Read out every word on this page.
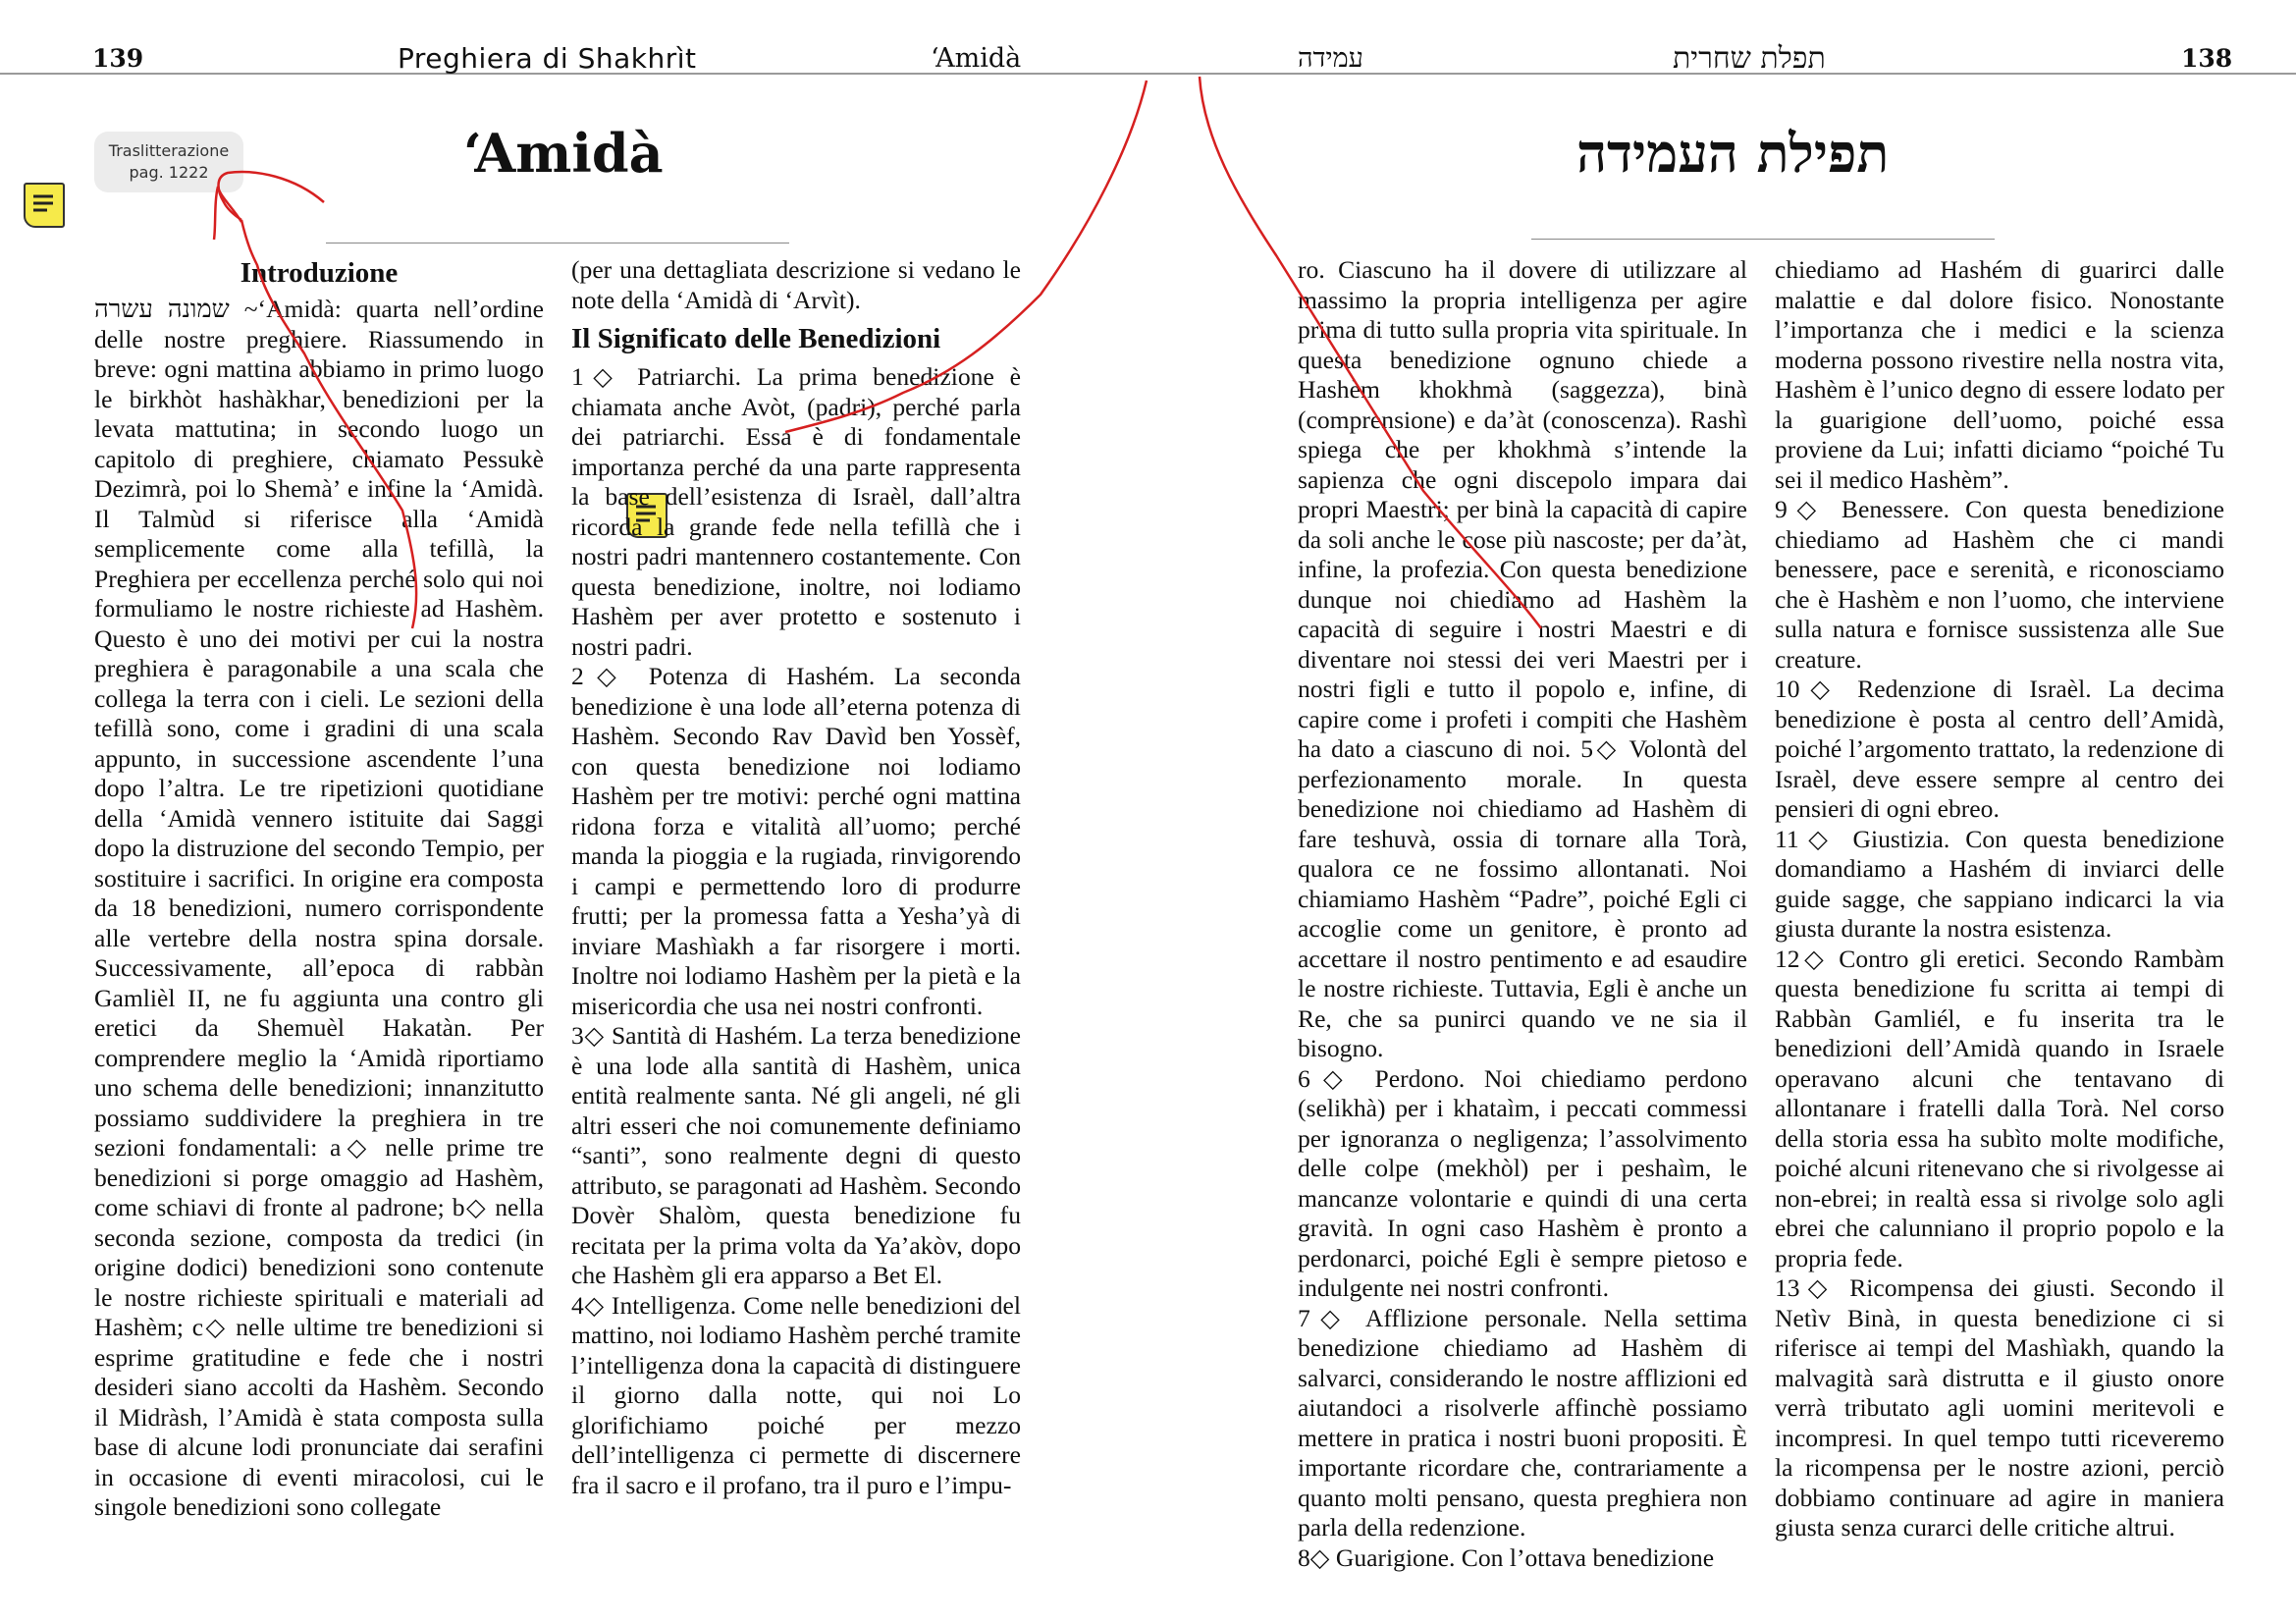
139	Preghiera di Shakhrìt	‘Amidà	עמידה	תפלת שחרית	138
Traslitterazione
pag. 1222	‘Amidà	תפילת העמידה

Introduzione

שמונה עשרה ~‘Amidà: quarta nell’ordine delle nostre preghiere. Riassumendo in breve: ogni mattina abbiamo in primo luogo le birkhòt hashàkhar, benedizioni per la levata mattutina; in secondo luogo un capitolo di preghiere, chiamato Pessukè Dezimrà, poi lo Shemà’ e infine la ‘Amidà. Il Talmùd si riferisce alla ‘Amidà semplicemente come alla tefillà, la Preghiera per eccellenza perché solo qui noi formuliamo le nostre richieste ad Hashèm. Questo è uno dei motivi per cui la nostra preghiera è paragonabile a una scala che collega la terra con i cieli. Le sezioni della tefillà sono, come i gradini di una scala appunto, in successione ascendente l’una dopo l’altra. Le tre ripetizioni quotidiane della ‘Amidà vennero istituite dai Saggi dopo la distruzione del secondo Tempio, per sostituire i sacrifici. In origine era composta da 18 benedizioni, numero corrispondente alle vertebre della nostra spina dorsale. Successivamente, all’epoca di rabbàn Gamlièl II, ne fu aggiunta una contro gli eretici da Shemuèl Hakatàn. Per comprendere meglio la ‘Amidà riportiamo uno schema delle benedizioni; innanzitutto possiamo suddividere la preghiera in tre sezioni fondamentali: a◇ nelle prime tre benedizioni si porge omaggio ad Hashèm, come schiavi di fronte al padrone; b◇ nella seconda sezione, composta da tredici (in origine dodici) benedizioni sono contenute le nostre richieste spirituali e materiali ad Hashèm; c◇ nelle ultime tre benedizioni si esprime gratitudine e fede che i nostri desideri siano accolti da Hashèm. Secondo il Midràsh, l’Amidà è stata composta sulla base di alcune lodi pronunciate dai serafini in occasione di eventi miracolosi, cui le singole benedizioni sono collegate

(per una dettagliata descrizione si vedano le note della ‘Amidà di ‘Arvìt).

Il Significato delle Benedizioni

1◇ Patriarchi. La prima benedizione è chiamata anche Avòt, (padri), perché parla dei patriarchi. Essa è di fondamentale importanza perché da una parte rappresenta la base dell’esistenza di Israèl, dall’altra ricorda la grande fede nella tefillà che i nostri padri mantennero costantemente. Con questa benedizione, inoltre, noi lodiamo Hashèm per aver protetto e sostenuto i nostri padri.

2◇ Potenza di Hashém. La seconda benedizione è una lode all’eterna potenza di Hashèm. Secondo Rav Davìd ben Yossèf, con questa benedizione noi lodiamo Hashèm per tre motivi: perché ogni mattina ridona forza e vitalità all’uomo; perché manda la pioggia e la rugiada, rinvigorendo i campi e permettendo loro di produrre frutti; per la promessa fatta a Yesha’yà di inviare Mashìakh a far risorgere i morti. Inoltre noi lodiamo Hashèm per la pietà e la misericordia che usa nei nostri confronti.

3◇ Santità di Hashém. La terza benedizione è una lode alla santità di Hashèm, unica entità realmente santa. Né gli angeli, né gli altri esseri che noi comunemente definiamo “santi”, sono realmente degni di questo attributo, se paragonati ad Hashèm. Secondo Dovèr Shalòm, questa benedizione fu recitata per la prima volta da Ya’akòv, dopo che Hashèm gli era apparso a Bet El.

4◇ Intelligenza. Come nelle benedizioni del mattino, noi lodiamo Hashèm perché tramite l’intelligenza dona la capacità di distinguere il giorno dalla notte, qui noi Lo glorifichiamo poiché per mezzo dell’intelligenza ci permette di discernere fra il sacro e il profano, tra il puro e l’impu-

ro. Ciascuno ha il dovere di utilizzare al massimo la propria intelligenza per agire prima di tutto sulla propria vita spirituale. In questa benedizione ognuno chiede a Hashèm khokhmà (saggezza), binà (comprensione) e da’àt (conoscenza). Rashì spiega che per khokhmà s’intende la sapienza che ogni discepolo impara dai propri Maestri; per binà la capacità di capire da soli anche le cose più nascoste; per da’àt, infine, la profezia. Con questa benedizione dunque noi chiediamo ad Hashèm la capacità di seguire i nostri Maestri e di diventare noi stessi dei veri Maestri per i nostri figli e tutto il popolo e, infine, di capire come i profeti i compiti che Hashèm ha dato a ciascuno di noi. 5◇ Volontà del perfezionamento morale. In questa benedizione noi chiediamo ad Hashèm di fare teshuvà, ossia di tornare alla Torà, qualora ce ne fossimo allontanati. Noi chiamiamo Hashèm “Padre”, poiché Egli ci accoglie come un genitore, è pronto ad accettare il nostro pentimento e ad esaudire le nostre richieste. Tuttavia, Egli è anche un Re, che sa punirci quando ve ne sia il bisogno.

6◇ Perdono. Noi chiediamo perdono (selikhà) per i khataìm, i peccati commessi per ignoranza o negligenza; l’assolvimento delle colpe (mekhòl) per i peshaìm, le mancanze volontarie e quindi di una certa gravità. In ogni caso Hashèm è pronto a perdonarci, poiché Egli è sempre pietoso e indulgente nei nostri confronti.

7◇ Afflizione personale. Nella settima benedizione chiediamo ad Hashèm di salvarci, considerando le nostre afflizioni ed aiutandoci a risolverle affinchè possiamo mettere in pratica i nostri buoni propositi. È importante ricordare che, contrariamente a quanto molti pensano, questa preghiera non parla della redenzione.

8◇ Guarigione. Con l’ottava benedizione

chiediamo ad Hashém di guarirci dalle malattie e dal dolore fisico. Nonostante l’importanza che i medici e la scienza moderna possono rivestire nella nostra vita, Hashèm è l’unico degno di essere lodato per la guarigione dell’uomo, poiché essa proviene da Lui; infatti diciamo “poiché Tu sei il medico Hashèm”.

9◇ Benessere. Con questa benedizione chiediamo ad Hashèm che ci mandi benessere, pace e serenità, e riconosciamo che è Hashèm e non l’uomo, che interviene sulla natura e fornisce sussistenza alle Sue creature.

10◇ Redenzione di Israèl. La decima benedizione è posta al centro dell’Amidà, poiché l’argomento trattato, la redenzione di Israèl, deve essere sempre al centro dei pensieri di ogni ebreo.

11◇ Giustizia. Con questa benedizione domandiamo a Hashém di inviarci delle guide sagge, che sappiano indicarci la via giusta durante la nostra esistenza.

12◇ Contro gli eretici. Secondo Rambàm questa benedizione fu scritta ai tempi di Rabbàn Gamliél, e fu inserita tra le benedizioni dell’Amidà quando in Israele operavano alcuni che tentavano di allontanare i fratelli dalla Torà. Nel corso della storia essa ha subìto molte modifiche, poiché alcuni ritenevano che si rivolgesse ai non-ebrei; in realtà essa si rivolge solo agli ebrei che calunniano il proprio popolo e la propria fede.

13◇ Ricompensa dei giusti. Secondo il Netìv Binà, in questa benedizione ci si riferisce ai tempi del Mashìakh, quando la malvagità sarà distrutta e il giusto onore verrà tributato agli uomini meritevoli e incompresi. In quel tempo tutti riceveremo la ricompensa per le nostre azioni, perciò dobbiamo continuare ad agire in maniera giusta senza curarci delle critiche altrui.
